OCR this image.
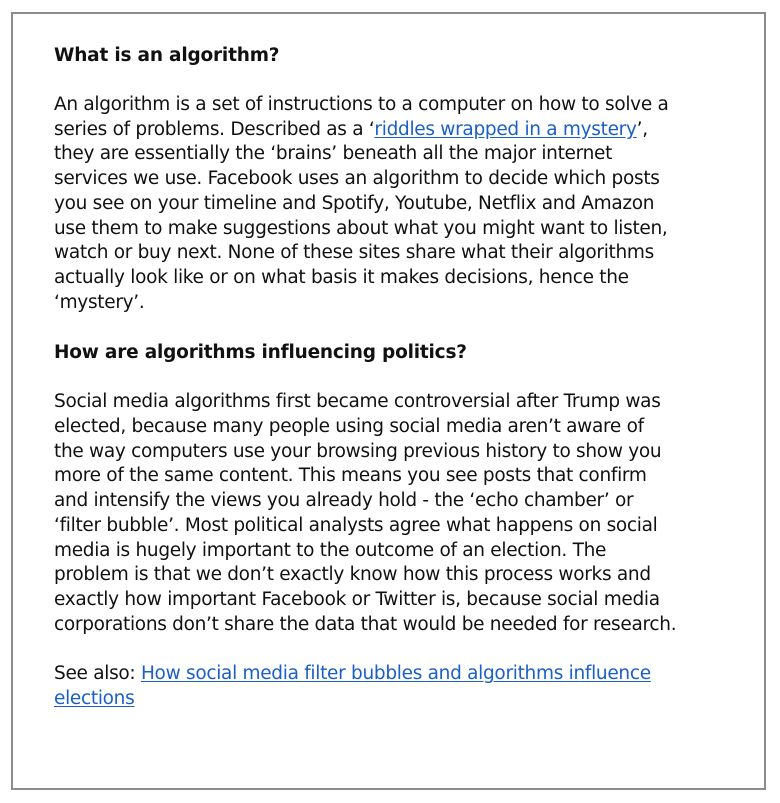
What is an algorithm?

An algorithm is a set of instructions to a computer on how to solve a series of problems. Described as a ‘riddles wrapped in a mystery’, they are essentially the ‘brains’ beneath all the major internet services we use. Facebook uses an algorithm to decide which posts you see on your timeline and Spotify, Youtube, Netflix and Amazon use them to make suggestions about what you might want to listen, watch or buy next. None of these sites share what their algorithms actually look like or on what basis it makes decisions, hence the ‘mystery’.

How are algorithms influencing politics?

Social media algorithms first became controversial after Trump was elected, because many people using social media aren’t aware of the way computers use your browsing previous history to show you more of the same content. This means you see posts that confirm and intensify the views you already hold - the ‘echo chamber’ or ‘filter bubble’. Most political analysts agree what happens on social media is hugely important to the outcome of an election. The problem is that we don’t exactly know how this process works and exactly how important Facebook or Twitter is, because social media corporations don’t share the data that would be needed for research.

See also: How social media filter bubbles and algorithms influence elections
